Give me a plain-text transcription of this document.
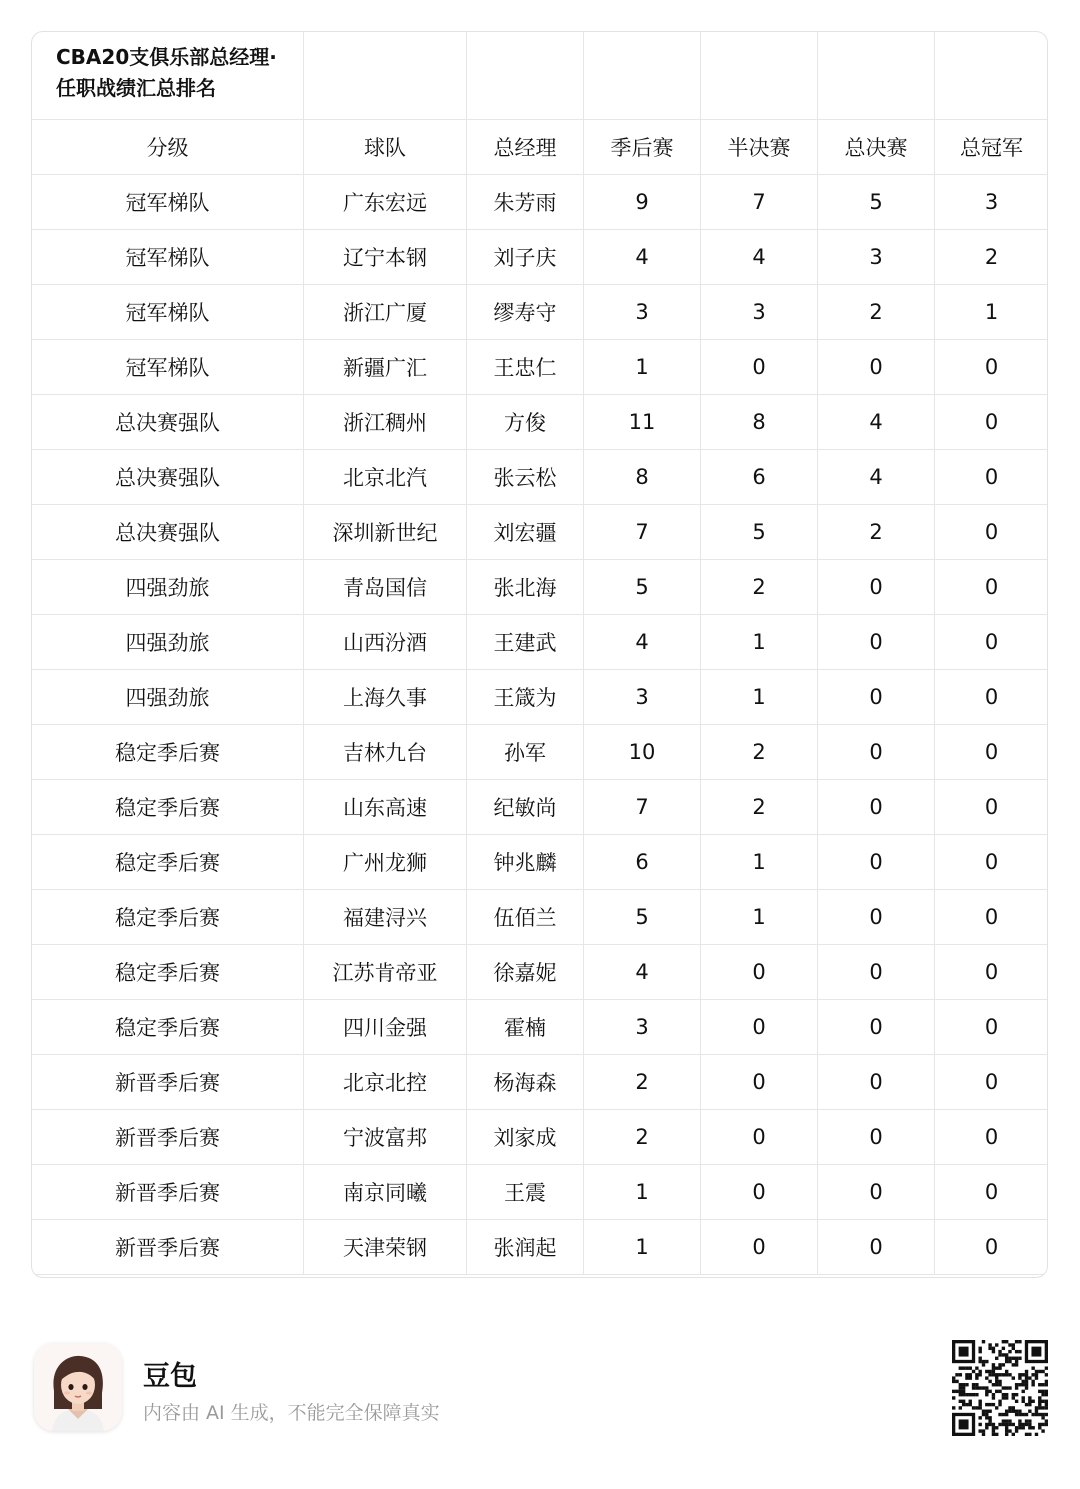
CBA20支俱乐部总经理·任职战绩汇总排名						
分级	球队	总经理	季后赛	半决赛	总决赛	总冠军
冠军梯队	广东宏远	朱芳雨	9	7	5	3
冠军梯队	辽宁本钢	刘子庆	4	4	3	2
冠军梯队	浙江广厦	缪寿守	3	3	2	1
冠军梯队	新疆广汇	王忠仁	1	0	0	0
总决赛强队	浙江稠州	方俊	11	8	4	0
总决赛强队	北京北汽	张云松	8	6	4	0
总决赛强队	深圳新世纪	刘宏疆	7	5	2	0
四强劲旅	青岛国信	张北海	5	2	0	0
四强劲旅	山西汾酒	王建武	4	1	0	0
四强劲旅	上海久事	王箴为	3	1	0	0
稳定季后赛	吉林九台	孙军	10	2	0	0
稳定季后赛	山东高速	纪敏尚	7	2	0	0
稳定季后赛	广州龙狮	钟兆麟	6	1	0	0
稳定季后赛	福建浔兴	伍佰兰	5	1	0	0
稳定季后赛	江苏肯帝亚	徐嘉妮	4	0	0	0
稳定季后赛	四川金强	霍楠	3	0	0	0
新晋季后赛	北京北控	杨海森	2	0	0	0
新晋季后赛	宁波富邦	刘家成	2	0	0	0
新晋季后赛	南京同曦	王震	1	0	0	0
新晋季后赛	天津荣钢	张润起	1	0	0	0
豆包
内容由 AI 生成，不能完全保障真实
